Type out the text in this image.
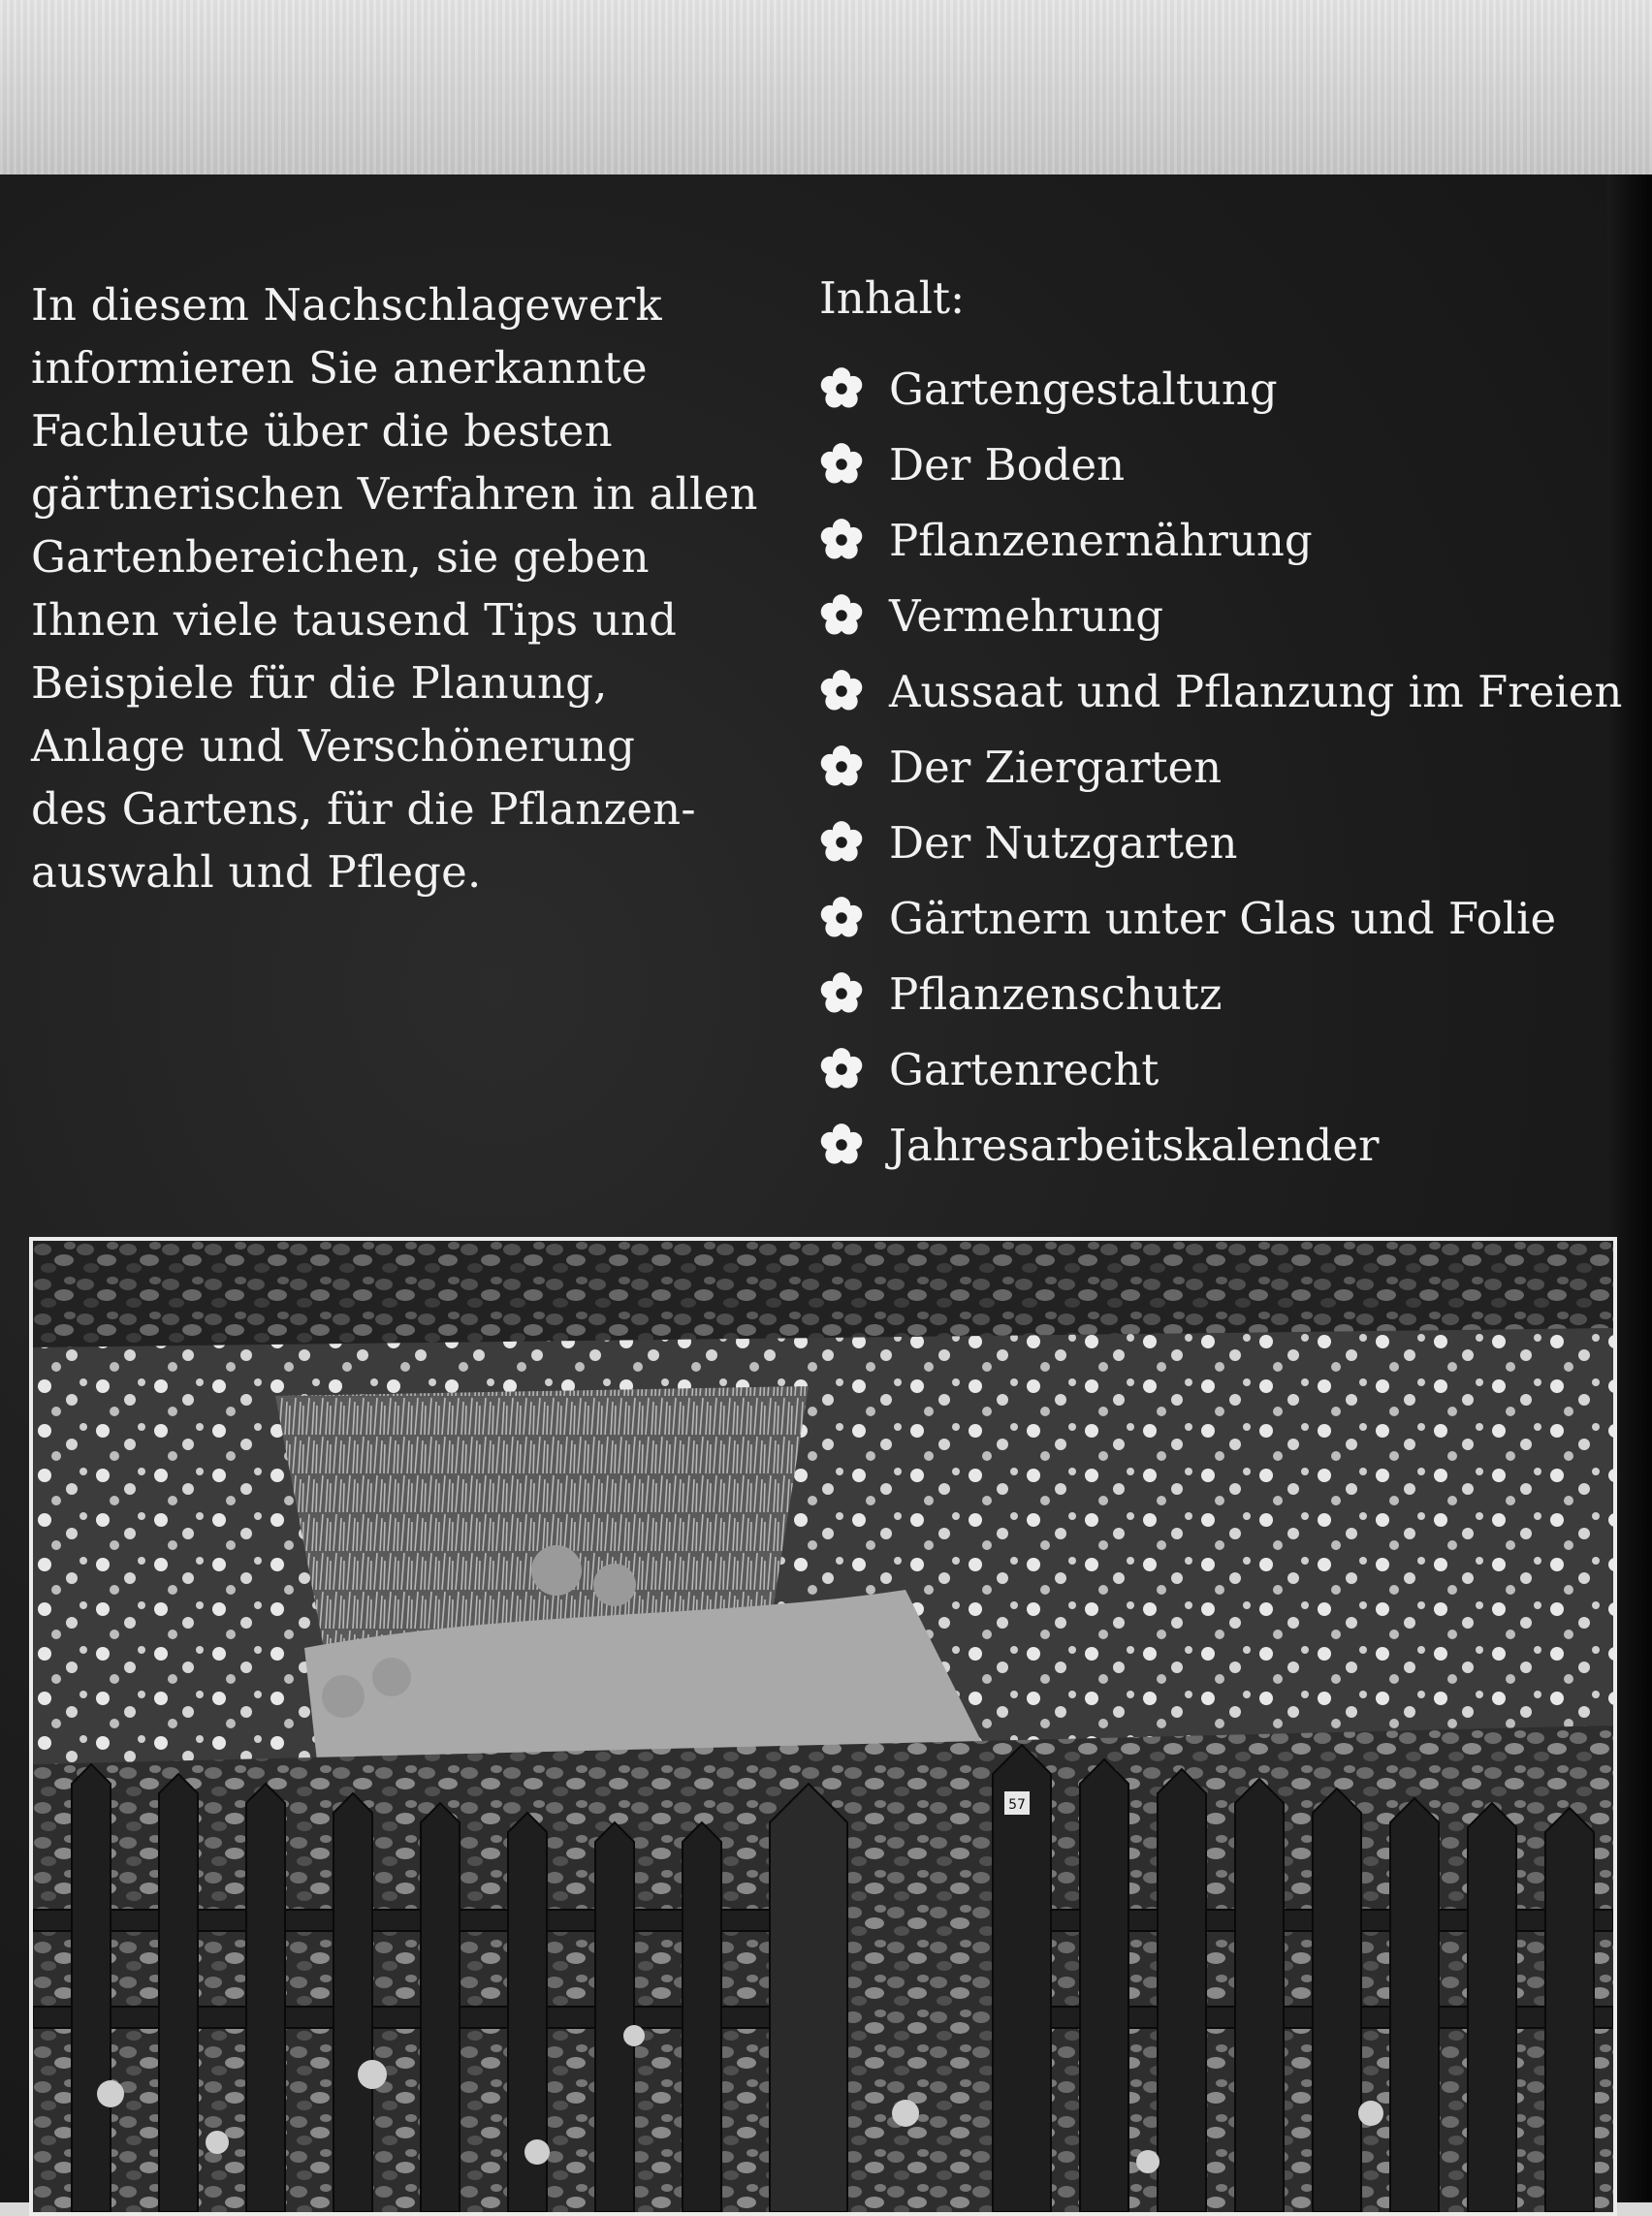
In diesem Nachschlagewerk
informieren Sie anerkannte
Fachleute über die besten
gärtnerischen Verfahren in allen
Gartenbereichen, sie geben
Ihnen viele tausend Tips und
Beispiele für die Planung,
Anlage und Verschönerung
des Gartens, für die Pflanzen-
auswahl und Pflege.

Inhalt:
Gartengestaltung
Der Boden
Pflanzenernährung
Vermehrung
Aussaat und Pflanzung im Freien
Der Ziergarten
Der Nutzgarten
Gärtnern unter Glas und Folie
Pflanzenschutz
Gartenrecht
Jahresarbeitskalender
57
